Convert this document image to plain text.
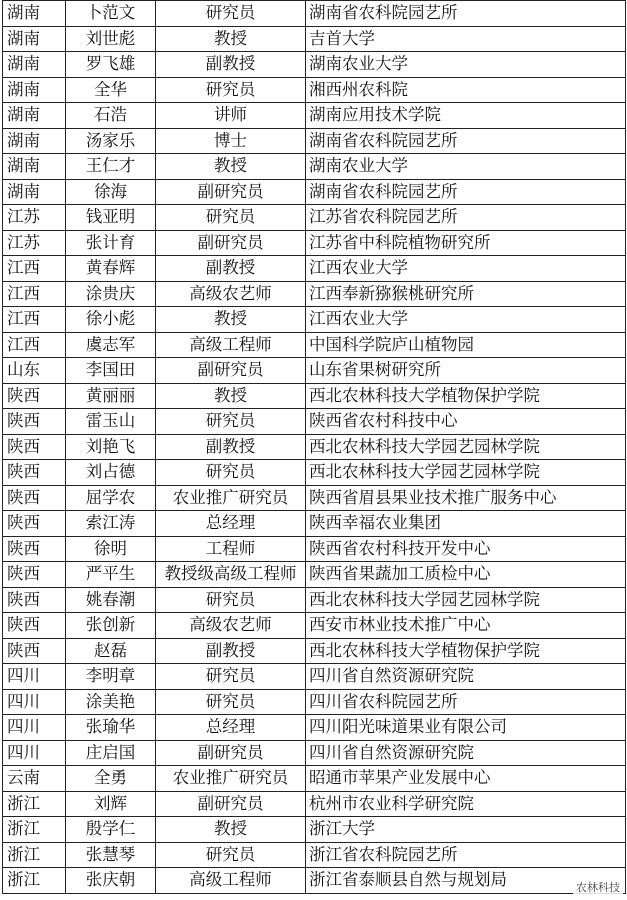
湖南	卜范文	研究员	湖南省农科院园艺所
湖南	刘世彪	教授	吉首大学
湖南	罗飞雄	副教授	湖南农业大学
湖南	全华	研究员	湘西州农科院
湖南	石浩	讲师	湖南应用技术学院
湖南	汤家乐	博士	湖南省农科院园艺所
湖南	王仁才	教授	湖南农业大学
湖南	徐海	副研究员	湖南省农科院园艺所
江苏	钱亚明	研究员	江苏省农科院园艺所
江苏	张计育	副研究员	江苏省中科院植物研究所
江西	黄春辉	副教授	江西农业大学
江西	涂贵庆	高级农艺师	江西奉新猕猴桃研究所
江西	徐小彪	教授	江西农业大学
江西	虞志军	高级工程师	中国科学院庐山植物园
山东	李国田	副研究员	山东省果树研究所
陕西	黄丽丽	教授	西北农林科技大学植物保护学院
陕西	雷玉山	研究员	陕西省农村科技中心
陕西	刘艳飞	副教授	西北农林科技大学园艺园林学院
陕西	刘占德	研究员	西北农林科技大学园艺园林学院
陕西	屈学农	农业推广研究员	陕西省眉县果业技术推广服务中心
陕西	索江涛	总经理	陕西幸福农业集团
陕西	徐明	工程师	陕西省农村科技开发中心
陕西	严平生	教授级高级工程师	陕西省果蔬加工质检中心
陕西	姚春潮	研究员	西北农林科技大学园艺园林学院
陕西	张创新	高级农艺师	西安市林业技术推广中心
陕西	赵磊	副教授	西北农林科技大学植物保护学院
四川	李明章	研究员	四川省自然资源研究院
四川	涂美艳	研究员	四川省农科院园艺所
四川	张瑜华	总经理	四川阳光味道果业有限公司
四川	庄启国	副研究员	四川省自然资源研究院
云南	全勇	农业推广研究员	昭通市苹果产业发展中心
浙江	刘辉	副研究员	杭州市农业科学研究院
浙江	殷学仁	教授	浙江大学
浙江	张慧琴	研究员	浙江省农科院园艺所
浙江	张庆朝	高级工程师	浙江省泰顺县自然与规划局
	农林科技
